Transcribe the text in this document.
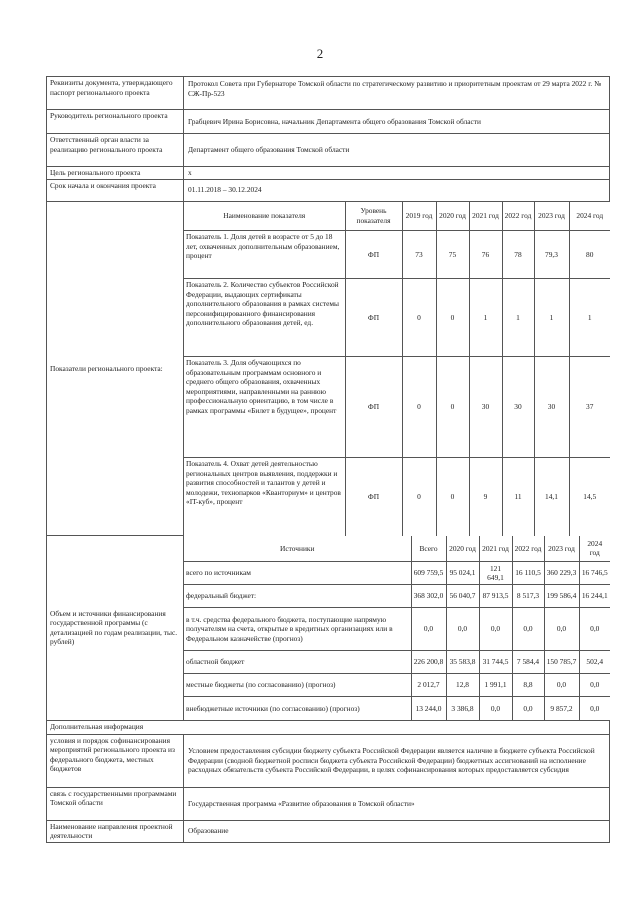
2
Реквизиты документа, утверждающего паспорт регионального проекта	Протокол Совета при Губернаторе Томской области по стратегическому развитию и приоритетным проектам от 29 марта 2022 г. № СЖ-Пр-523
Руководитель регионального проекта	Грабцевич Ирина Борисовна, начальник Департамента общего образования Томской области
Ответственный орган власти за реализацию регионального проекта	Департамент общего образования Томской области
Цель регионального проекта	х
Срок начала и окончания проекта	01.11.2018 – 30.12.2024
Показатели регионального проекта:	
Наименование показателя	Уровень показателя	2019 год	2020 год	2021 год	2022 год	2023 год	2024 год
Показатель 1. Доля детей в возрасте от 5 до 18 лет, охваченных дополнительным образованием, процент	ФП	73	75	76	78	79,3	80
Показатель 2. Количество субъектов Российской Федерации, выдающих сертификаты дополнительного образования в рамках системы персонифицированного финансирования дополнительного образования детей, ед.	ФП	0	0	1	1	1	1
Показатель 3. Доля обучающихся по образовательным программам основного и среднего общего образования, охваченных мероприятиями, направленными на раннюю профессиональную ориентацию, в том числе в рамках программы «Билет в будущее», процент	ФП	0	0	30	30	30	37
Показатель 4. Охват детей деятельностью региональных центров выявления, поддержки и развития способностей и талантов у детей и молодежи, технопарков «Кванториум» и центров «IT-куб», процент	ФП	0	0	9	11	14,1	14,5

Объем и источники финансирования государственной программы (с детализацией по годам реализации, тыс. рублей)	
Источники	Всего	2020 год	2021 год	2022 год	2023 год	2024 год
всего по источникам	609 759,5	95 024,1	121 649,1	16 110,5	360 229,3	16 746,5
федеральный бюджет:	368 302,0	56 040,7	87 913,5	8 517,3	199 586,4	16 244,1
в т.ч. средства федерального бюджета, поступающие напрямую получателям на счета, открытые в кредитных организациях или в Федеральном казначействе (прогноз)	0,0	0,0	0,0	0,0	0,0	0,0
областной бюджет	226 200,8	35 583,8	31 744,5	7 584,4	150 785,7	502,4
местные бюджеты (по согласованию) (прогноз)	2 012,7	12,8	1 991,1	8,8	0,0	0,0
внебюджетные источники (по согласованию) (прогноз)	13 244,0	3 386,8	0,0	0,0	9 857,2	0,0

Дополнительная информация
условия и порядок софинансирования мероприятий регионального проекта из федерального бюджета, местных бюджетов	Условием предоставления субсидии бюджету субъекта Российской Федерации является наличие в бюджете субъекта Российской Федерации (сводной бюджетной росписи бюджета субъекта Российской Федерации) бюджетных ассигнований на исполнение расходных обязательств субъекта Российской Федерации, в целях софинансирования которых предоставляется субсидия
связь с государственными программами Томской области	Государственная программа «Развитие образования в Томской области»
Наименование направления проектной деятельности	Образование
